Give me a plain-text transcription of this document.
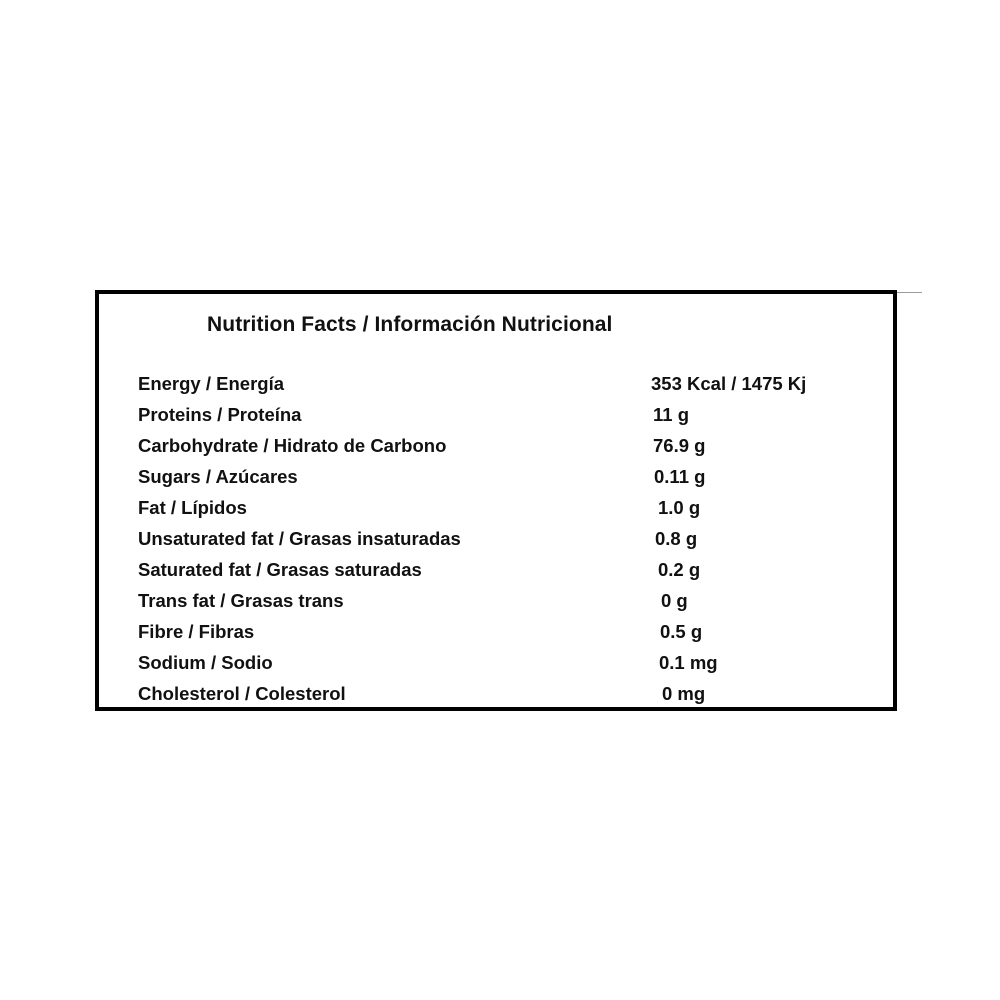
Nutrition Facts / Información Nutricional
Energy / Energía	353 Kcal / 1475 Kj
Proteins / Proteína	11 g
Carbohydrate / Hidrato de Carbono	76.9 g
Sugars / Azúcares	0.11 g
Fat / Lípidos	1.0 g
Unsaturated fat / Grasas insaturadas	0.8 g
Saturated fat / Grasas saturadas	0.2 g
Trans fat / Grasas trans	0 g
Fibre / Fibras	0.5 g
Sodium / Sodio	0.1 mg
Cholesterol / Colesterol	0 mg
